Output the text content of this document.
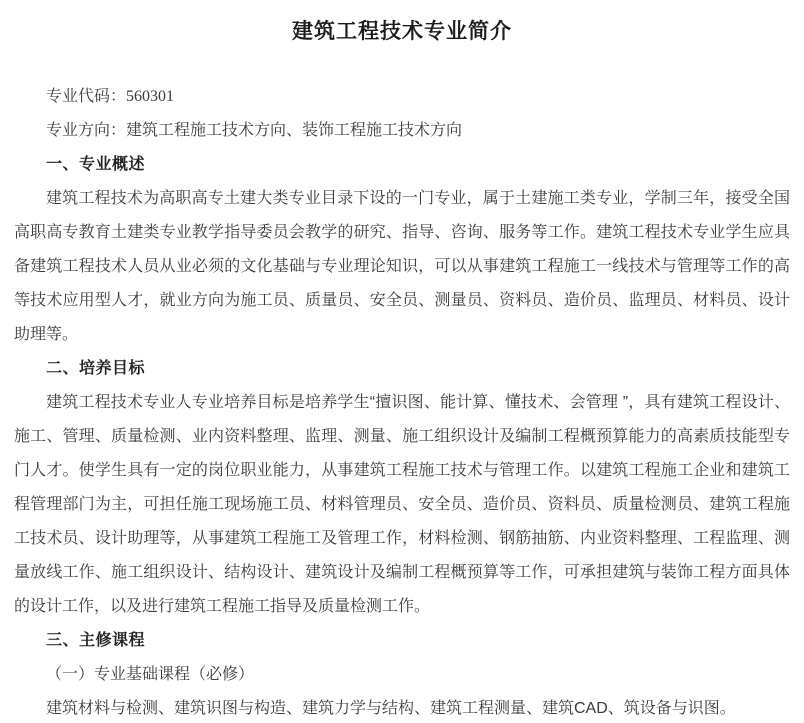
建筑工程技术专业简介

专业代码：560301

专业方向：建筑工程施工技术方向、装饰工程施工技术方向

一、专业概述

建筑工程技术为高职高专土建大类专业目录下设的一门专业，属于土建施工类专业，学制三年，接受全国高职高专教育土建类专业教学指导委员会教学的研究、指导、咨询、服务等工作。建筑工程技术专业学生应具备建筑工程技术人员从业必须的文化基础与专业理论知识，可以从事建筑工程施工一线技术与管理等工作的高等技术应用型人才，就业方向为施工员、质量员、安全员、测量员、资料员、造价员、监理员、材料员、设计助理等。

二、培养目标

建筑工程技术专业人专业培养目标是培养学生“擅识图、能计算、懂技术、会管理 ”，具有建筑工程设计、施工、管理、质量检测、业内资料整理、监理、测量、施工组织设计及编制工程概预算能力的高素质技能型专门人才。使学生具有一定的岗位职业能力，从事建筑工程施工技术与管理工作。以建筑工程施工企业和建筑工程管理部门为主，可担任施工现场施工员、材料管理员、安全员、造价员、资料员、质量检测员、建筑工程施工技术员、设计助理等，从事建筑工程施工及管理工作，材料检测、钢筋抽筋、内业资料整理、工程监理、测量放线工作、施工组织设计、结构设计、建筑设计及编制工程概预算等工作，可承担建筑与装饰工程方面具体的设计工作，以及进行建筑工程施工指导及质量检测工作。

三、主修课程

（一）专业基础课程（必修）

建筑材料与检测、建筑识图与构造、建筑力学与结构、建筑工程测量、建筑CAD、筑设备与识图。
